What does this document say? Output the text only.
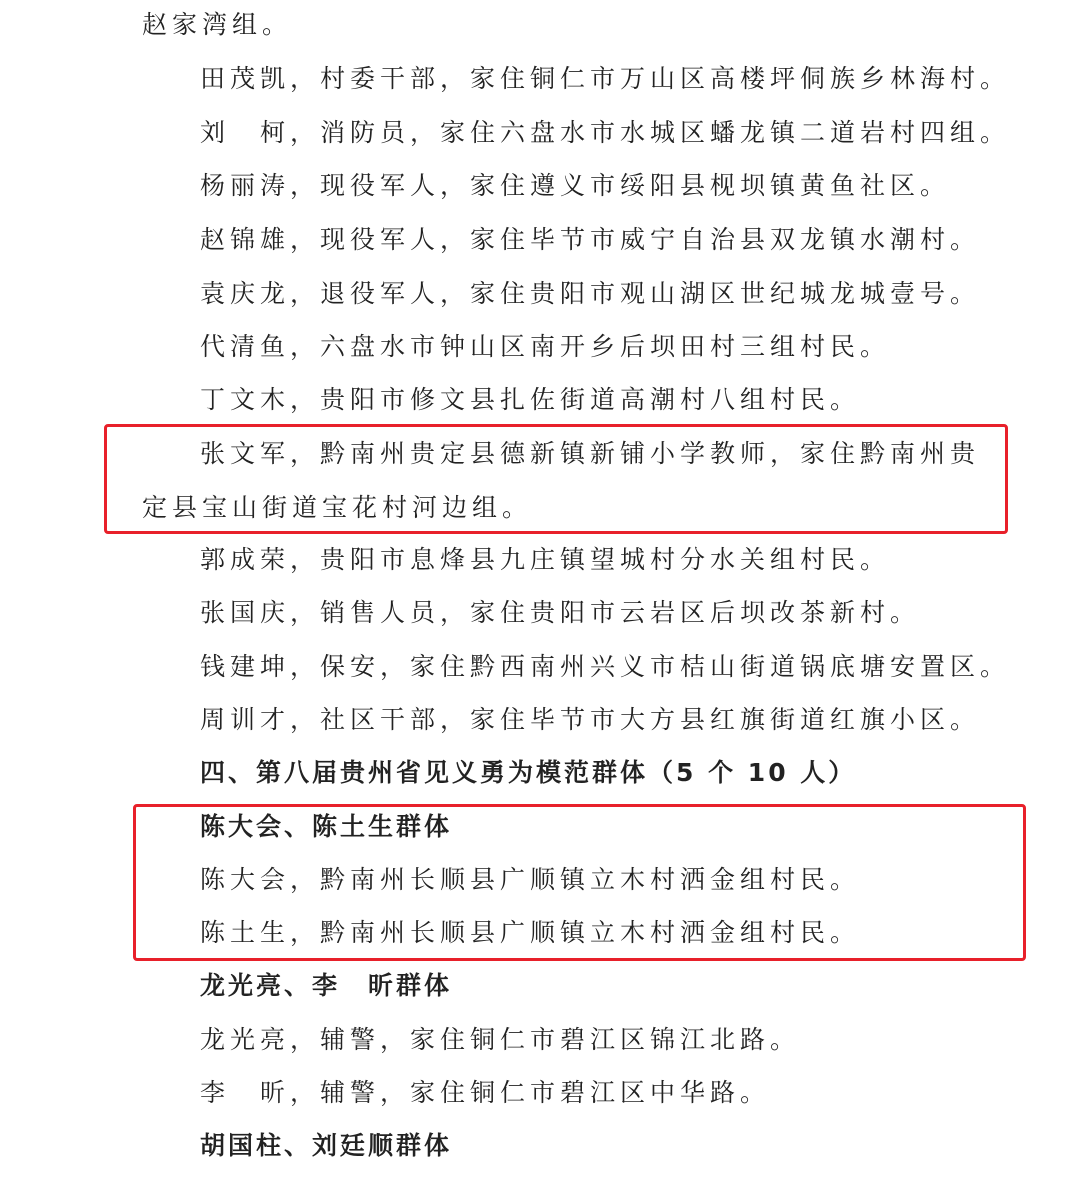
赵家湾组。
田茂凯，村委干部，家住铜仁市万山区高楼坪侗族乡林海村。
刘　柯，消防员，家住六盘水市水城区蟠龙镇二道岩村四组。
杨丽涛，现役军人，家住遵义市绥阳县枧坝镇黄鱼社区。
赵锦雄，现役军人，家住毕节市威宁自治县双龙镇水潮村。
袁庆龙，退役军人，家住贵阳市观山湖区世纪城龙城壹号。
代清鱼，六盘水市钟山区南开乡后坝田村三组村民。
丁文木，贵阳市修文县扎佐街道高潮村八组村民。
张文军，黔南州贵定县德新镇新铺小学教师，家住黔南州贵
定县宝山街道宝花村河边组。
郭成荣，贵阳市息烽县九庄镇望城村分水关组村民。
张国庆，销售人员，家住贵阳市云岩区后坝改茶新村。
钱建坤，保安，家住黔西南州兴义市桔山街道锅底塘安置区。
周训才，社区干部，家住毕节市大方县红旗街道红旗小区。
四、第八届贵州省见义勇为模范群体（5 个 10 人）
陈大会、陈土生群体
陈大会，黔南州长顺县广顺镇立木村洒金组村民。
陈土生，黔南州长顺县广顺镇立木村洒金组村民。
龙光亮、李　昕群体
龙光亮，辅警，家住铜仁市碧江区锦江北路。
李　昕，辅警，家住铜仁市碧江区中华路。
胡国柱、刘廷顺群体
